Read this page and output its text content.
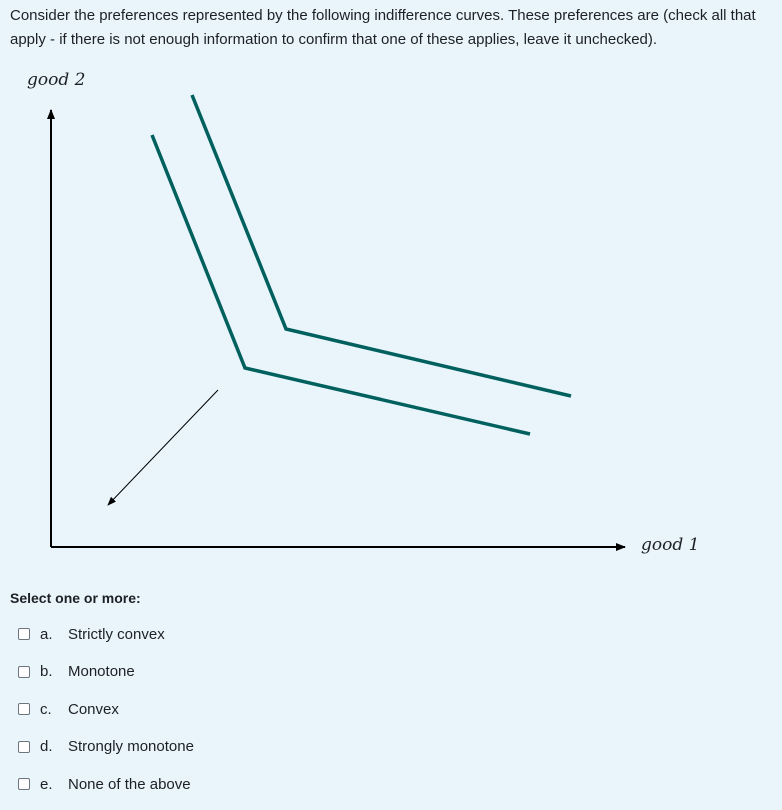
Consider the preferences represented by the following indifference curves. These preferences are (check all that apply - if there is not enough information to confirm that one of these applies, leave it unchecked).
good 2
good 1
Select one or more:
a.	Strictly convex
b.	Monotone
c.	Convex
d.	Strongly monotone
e.	None of the above
